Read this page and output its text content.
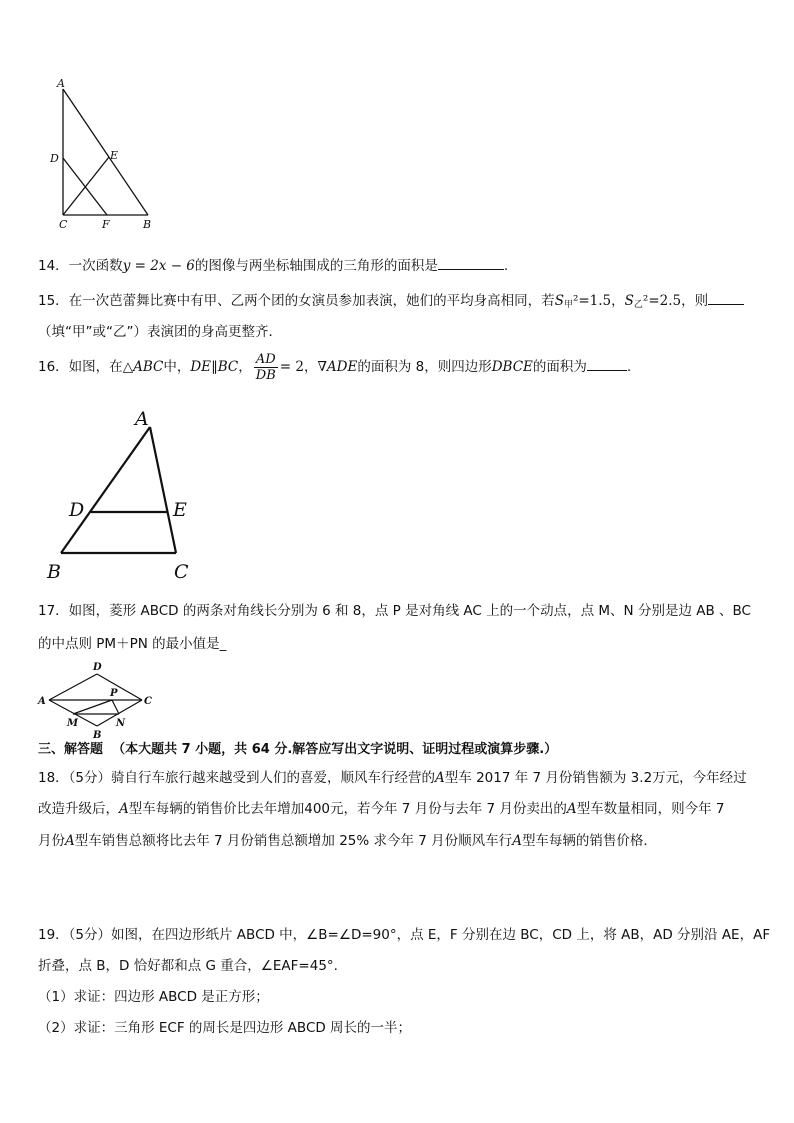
A
D	E
C	F	B
14．一次函数y = 2x − 6的图像与两坐标轴围成的三角形的面积是	.
15．在一次芭蕾舞比赛中有甲、乙两个团的女演员参加表演，她们的平均身高相同，若$S_甲^2=1.5$，$S_乙^2=2.5$，则
（填“甲”或“乙”）表演团的身高更整齐．
16．如图，在△ABC中，DE∥BC， $\frac{AD}{DB} = 2$，∇ADE的面积为 8，则四边形DBCE的面积为	.
A
D	E
B	C
17．如图，菱形 ABCD 的两条对角线长分别为 6 和 8，点 P 是对角线 AC 上的一个动点，点 M、N 分别是边 AB 、BC
的中点则 PM＋PN 的最小值是_
D
A
P
C
M	N
B
三、解答题 （本大题共 7 小题，共 64 分.解答应写出文字说明、证明过程或演算步骤.）
18．（5分）骑自行车旅行越来越受到人们的喜爱，顺风车行经营的A型车 2017 年 7 月份销售额为 3.2万元，今年经过
改造升级后，A型车每辆的销售价比去年增加400元，若今年 7 月份与去年 7 月份卖出的A型车数量相同，则今年 7
月份A型车销售总额将比去年 7 月份销售总额增加 25% 求今年 7 月份顺风车行A型车每辆的销售价格．
19．（5分）如图，在四边形纸片 ABCD 中，∠B=∠D=90°，点 E，F 分别在边 BC，CD 上，将 AB，AD 分别沿 AE，AF
折叠，点 B，D 恰好都和点 G 重合，∠EAF=45°.
（1）求证：四边形 ABCD 是正方形；
（2）求证：三角形 ECF 的周长是四边形 ABCD 周长的一半；
